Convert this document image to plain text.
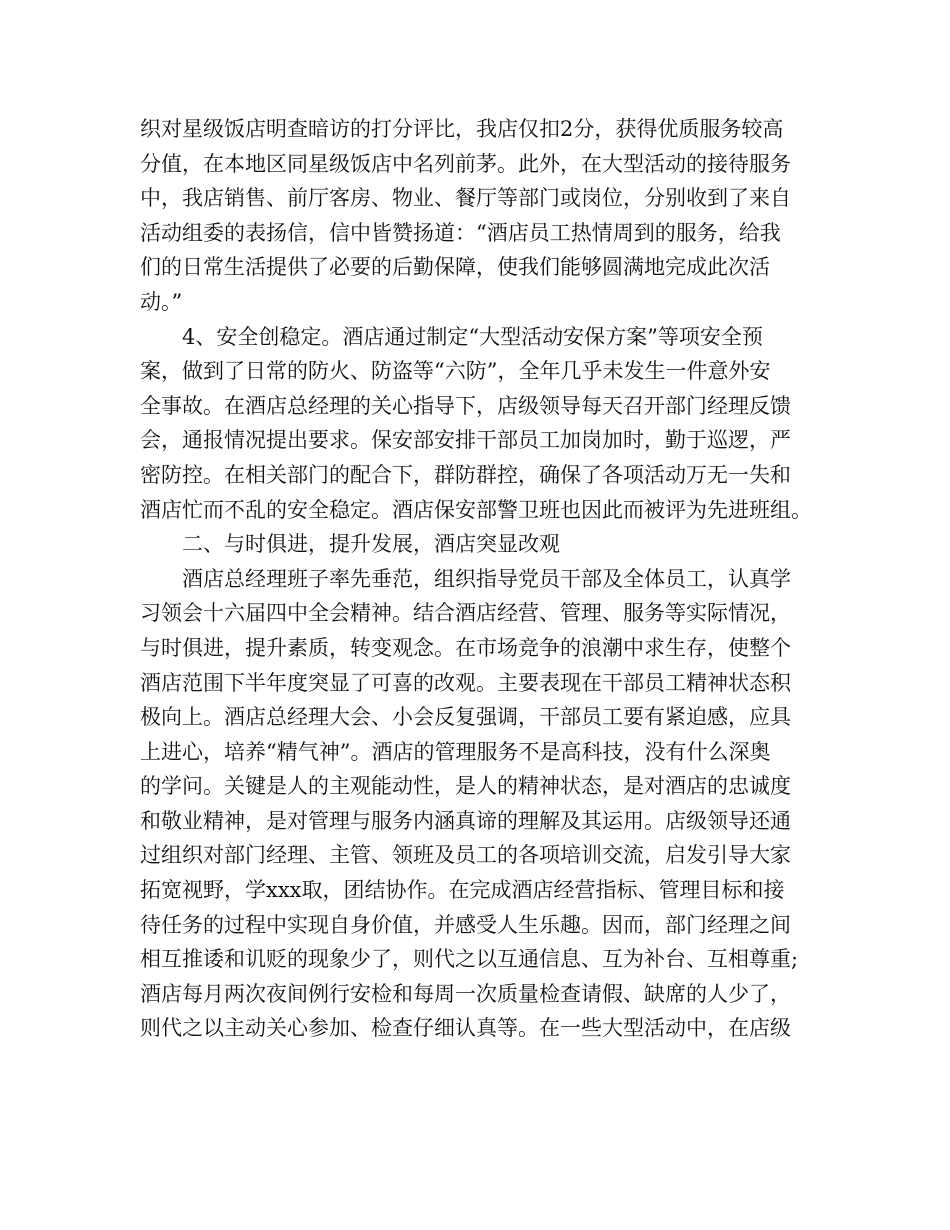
织对星级饭店明查暗访的打分评比，我店仅扣2分，获得优质服务较高

分值，在本地区同星级饭店中名列前茅。此外，在大型活动的接待服务

中，我店销售、前厅客房、物业、餐厅等部门或岗位，分别收到了来自

活动组委的表扬信，信中皆赞扬道：“酒店员工热情周到的服务，给我

们的日常生活提供了必要的后勤保障，使我们能够圆满地完成此次活

动。”

4、安全创稳定。酒店通过制定“大型活动安保方案”等项安全预

案，做到了日常的防火、防盗等“六防”，全年几乎未发生一件意外安

全事故。在酒店总经理的关心指导下，店级领导每天召开部门经理反馈

会，通报情况提出要求。保安部安排干部员工加岗加时，勤于巡逻，严

密防控。在相关部门的配合下，群防群控，确保了各项活动万无一失和

酒店忙而不乱的安全稳定。酒店保安部警卫班也因此而被评为先进班组。

二、与时俱进，提升发展，酒店突显改观

酒店总经理班子率先垂范，组织指导党员干部及全体员工，认真学

习领会十六届四中全会精神。结合酒店经营、管理、服务等实际情况，

与时俱进，提升素质，转变观念。在市场竞争的浪潮中求生存，使整个

酒店范围下半年度突显了可喜的改观。主要表现在干部员工精神状态积

极向上。酒店总经理大会、小会反复强调，干部员工要有紧迫感，应具

上进心，培养“精气神”。酒店的管理服务不是高科技，没有什么深奥

的学问。关键是人的主观能动性，是人的精神状态，是对酒店的忠诚度

和敬业精神，是对管理与服务内涵真谛的理解及其运用。店级领导还通

过组织对部门经理、主管、领班及员工的各项培训交流，启发引导大家

拓宽视野，学xxx取，团结协作。在完成酒店经营指标、管理目标和接

待任务的过程中实现自身价值，并感受人生乐趣。因而，部门经理之间

相互推诿和讥贬的现象少了，则代之以互通信息、互为补台、互相尊重;

酒店每月两次夜间例行安检和每周一次质量检查请假、缺席的人少了，

则代之以主动关心参加、检查仔细认真等。在一些大型活动中，在店级
